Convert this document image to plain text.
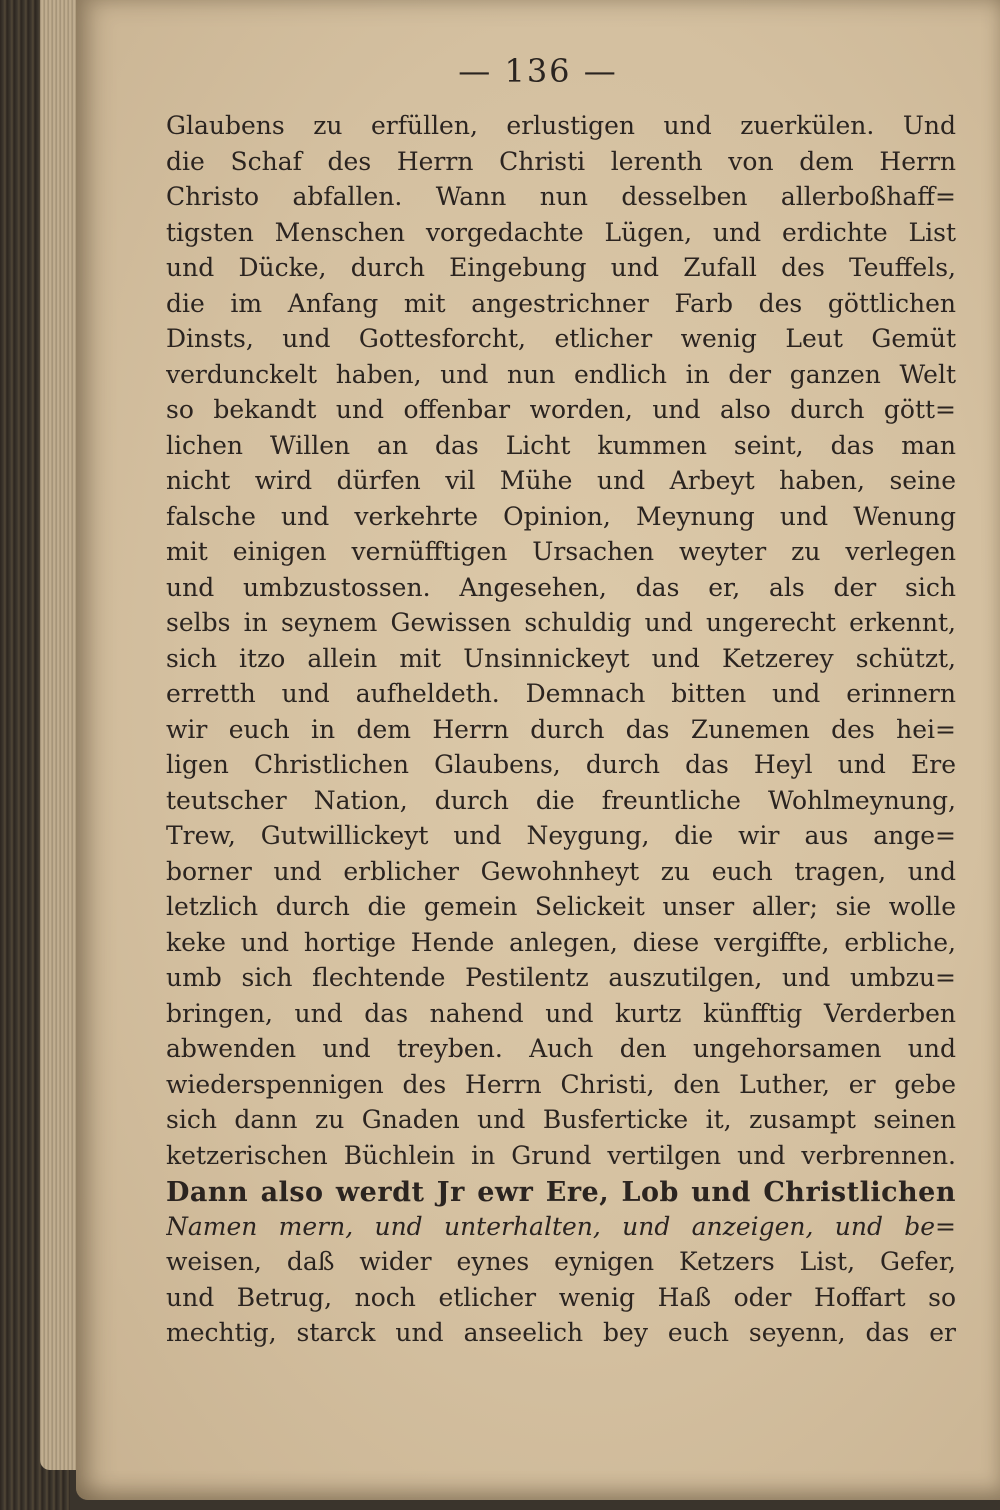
— 136 —
Glaubens zu erfüllen, erlustigen und zuerkülen. Und
die Schaf des Herrn Christi lerenth von dem Herrn
Christo abfallen. Wann nun desselben allerboßhaff=
tigsten Menschen vorgedachte Lügen, und erdichte List
und Dücke, durch Eingebung und Zufall des Teuffels,
die im Anfang mit angestrichner Farb des göttlichen
Dinsts, und Gottesforcht, etlicher wenig Leut Gemüt
verdunckelt haben, und nun endlich in der ganzen Welt
so bekandt und offenbar worden, und also durch gött=
lichen Willen an das Licht kummen seint, das man
nicht wird dürfen vil Mühe und Arbeyt haben, seine
falsche und verkehrte Opinion, Meynung und Wenung
mit einigen vernüfftigen Ursachen weyter zu verlegen
und umbzustossen. Angesehen, das er, als der sich
selbs in seynem Gewissen schuldig und ungerecht erkennt,
sich itzo allein mit Unsinnickeyt und Ketzerey schützt,
erretth und aufheldeth. Demnach bitten und erinnern
wir euch in dem Herrn durch das Zunemen des hei=
ligen Christlichen Glaubens, durch das Heyl und Ere
teutscher Nation, durch die freuntliche Wohlmeynung,
Trew, Gutwillickeyt und Neygung, die wir aus ange=
borner und erblicher Gewohnheyt zu euch tragen, und
letzlich durch die gemein Selickeit unser aller; sie wolle
keke und hortige Hende anlegen, diese vergiffte, erbliche,
umb sich flechtende Pestilentz auszutilgen, und umbzu=
bringen, und das nahend und kurtz künfftig Verderben
abwenden und treyben. Auch den ungehorsamen und
wiederspennigen des Herrn Christi, den Luther, er gebe
sich dann zu Gnaden und Busferticke it, zusampt seinen
ketzerischen Büchlein in Grund vertilgen und verbrennen.
Dann also werdt Jr ewr Ere, Lob und Christlichen
Namen mern, und unterhalten, und anzeigen, und be=
weisen, daß wider eynes eynigen Ketzers List, Gefer,
und Betrug, noch etlicher wenig Haß oder Hoffart so
mechtig, starck und anseelich bey euch seyenn, das er
